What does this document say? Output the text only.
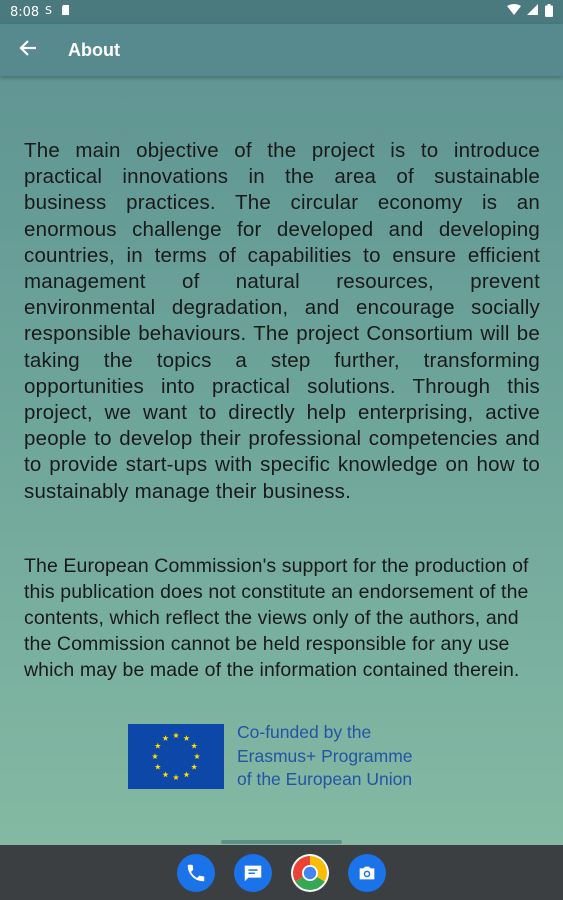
8:08 S
About

The main objective of the project is to introduce practical innovations in the area of sustainable business practices. The circular economy is an enormous challenge for developed and developing countries, in terms of capabilities to ensure efficient management of natural resources, prevent environmental degradation, and encourage socially responsible behaviours. The project Consortium will be taking the topics a step further, transforming opportunities into practical solutions. Through this project, we want to directly help enterprising, active people to develop their professional competencies and to provide start-ups with specific knowledge on how to sustainably manage their business.

The European Commission's support for the production of this publication does not constitute an endorsement of the contents, which reflect the views only of the authors, and the Commission cannot be held responsible for any use which may be made of the information contained therein.

Co-funded by the
Erasmus+ Programme
of the European Union
